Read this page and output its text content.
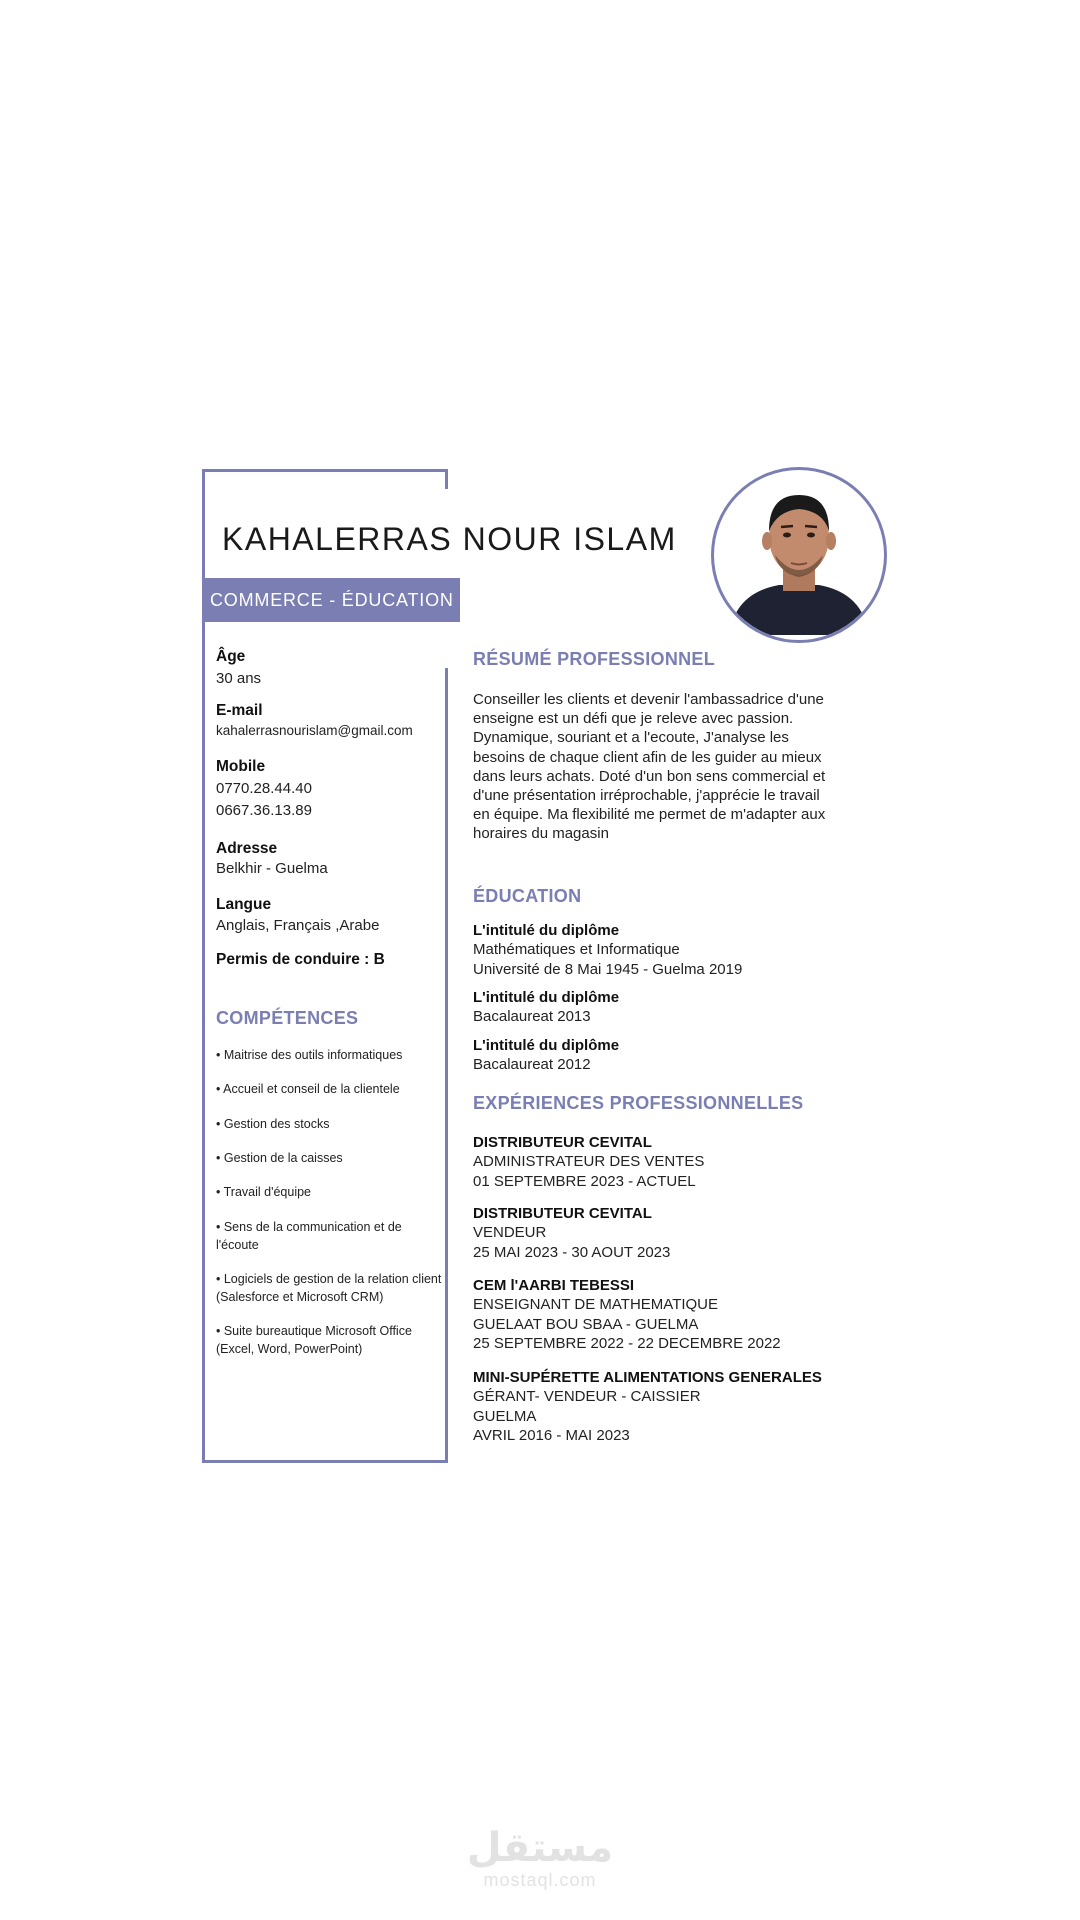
KAHALERRAS NOUR ISLAM
COMMERCE - ÉDUCATION
Âge
30 ans
E-mail
kahalerrasnourislam@gmail.com
Mobile
0770.28.44.40
0667.36.13.89
Adresse
Belkhir - Guelma
Langue
Anglais, Français ,Arabe
Permis de conduire : B
COMPÉTENCES
• Maitrise des outils informatiques
• Accueil et conseil de la clientele
• Gestion des stocks
• Gestion de la caisses
• Travail d'équipe
• Sens de la communication et de l'écoute
• Logiciels de gestion de la relation client (Salesforce et Microsoft CRM)
• Suite bureautique Microsoft Office (Excel, Word, PowerPoint)
RÉSUMÉ PROFESSIONNEL
Conseiller les clients et devenir l'ambassadrice d'une enseigne est un défi que je releve avec passion. Dynamique, souriant et a l'ecoute, J'analyse les besoins de chaque client afin de les guider au mieux dans leurs achats. Doté d'un bon sens commercial et d'une présentation irréprochable, j'apprécie le travail en équipe. Ma flexibilité me permet de m'adapter aux horaires du magasin
ÉDUCATION
L'intitulé du diplôme
Mathématiques et Informatique
Université de 8 Mai 1945 - Guelma 2019
L'intitulé du diplôme
Bacalaureat 2013
L'intitulé du diplôme
Bacalaureat 2012
EXPÉRIENCES PROFESSIONNELLES
DISTRIBUTEUR CEVITAL
ADMINISTRATEUR DES VENTES
01 SEPTEMBRE 2023 - ACTUEL
DISTRIBUTEUR CEVITAL
VENDEUR
25 MAI 2023 - 30 AOUT 2023
CEM l'AARBI TEBESSI
ENSEIGNANT DE MATHEMATIQUE
GUELAAT BOU SBAA - GUELMA
25 SEPTEMBRE 2022 - 22 DECEMBRE 2022
MINI-SUPÉRETTE ALIMENTATIONS GENERALES
GÉRANT- VENDEUR - CAISSIER
GUELMA
AVRIL 2016 - MAI 2023
مستقل
mostaql.com
